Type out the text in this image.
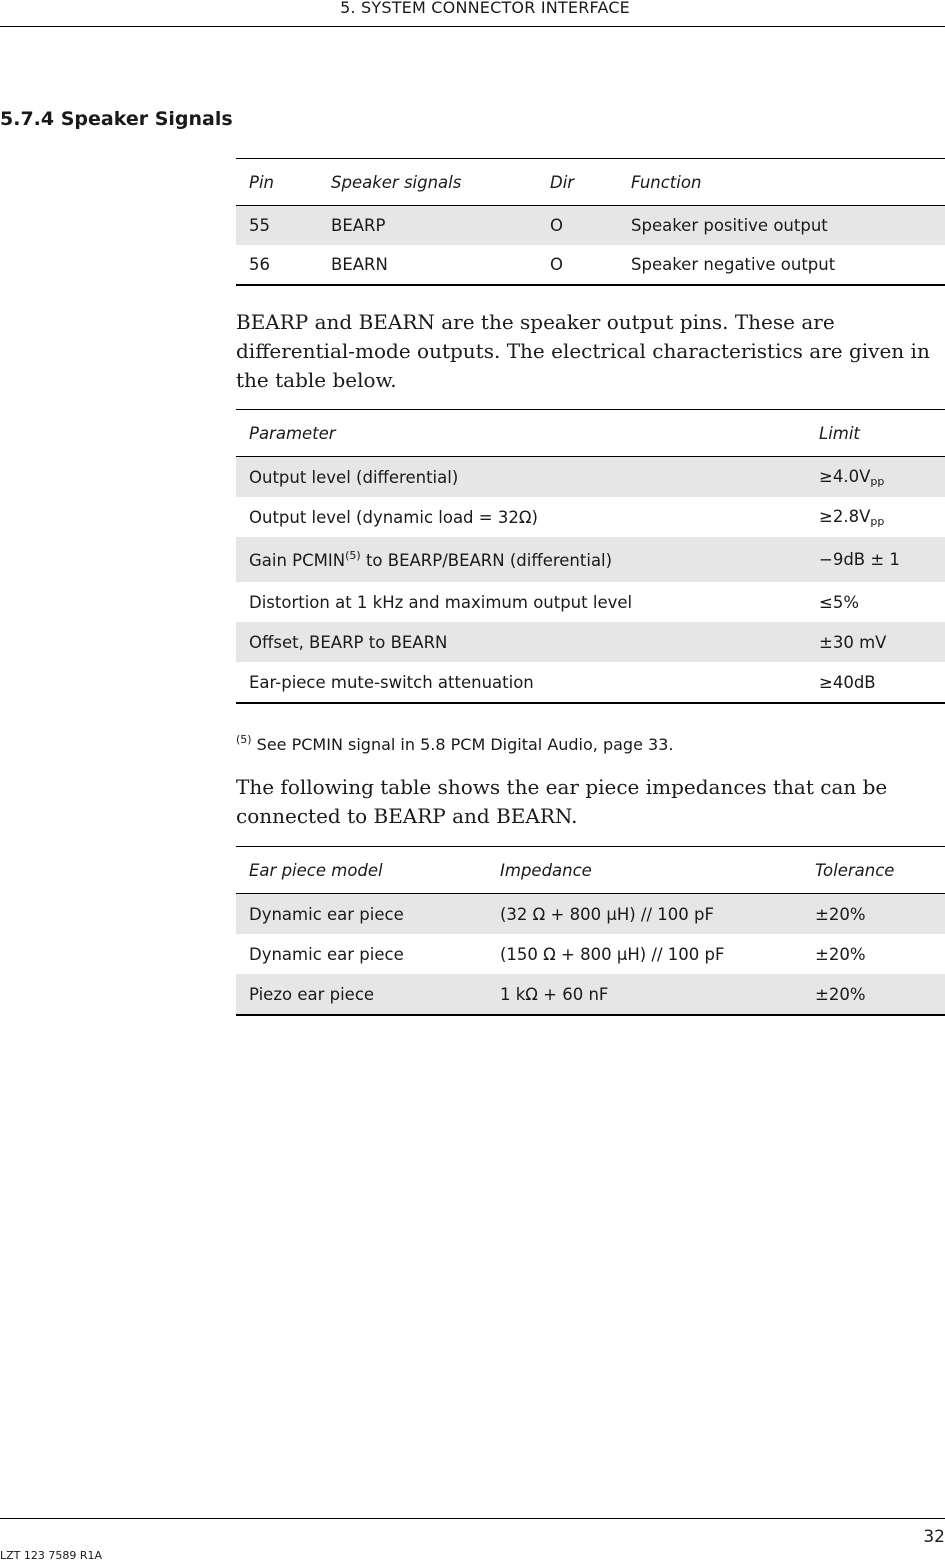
5. SYSTEM CONNECTOR INTERFACE
5.7.4 Speaker Signals
Pin	Speaker signals	Dir	Function
55	BEARP	O	Speaker positive output
56	BEARN	O	Speaker negative output

BEARP and BEARN are the speaker output pins. These are differential-mode outputs. The electrical characteristics are given in the table below.

Parameter	Limit
Output level (differential)	$\ge 4.0V_{pp}$
Output level (dynamic load = 32Ω)	$\ge 2.8V_{pp}$
Gain PCMIN$^{(5)}$ to BEARP/BEARN (differential)	−9dB ± 1
Distortion at 1 kHz and maximum output level	≤5%
Offset, BEARP to BEARN	±30 mV
Ear-piece mute-switch attenuation	≥40dB

$^{(5)}$ See PCMIN signal in 5.8 PCM Digital Audio, page 33.

The following table shows the ear piece impedances that can be connected to BEARP and BEARN.

Ear piece model	Impedance	Tolerance
Dynamic ear piece	(32 Ω + 800 µH) // 100 pF	±20%
Dynamic ear piece	(150 Ω + 800 µH) // 100 pF	±20%
Piezo ear piece	1 kΩ + 60 nF	±20%
32
LZT 123 7589 R1A
